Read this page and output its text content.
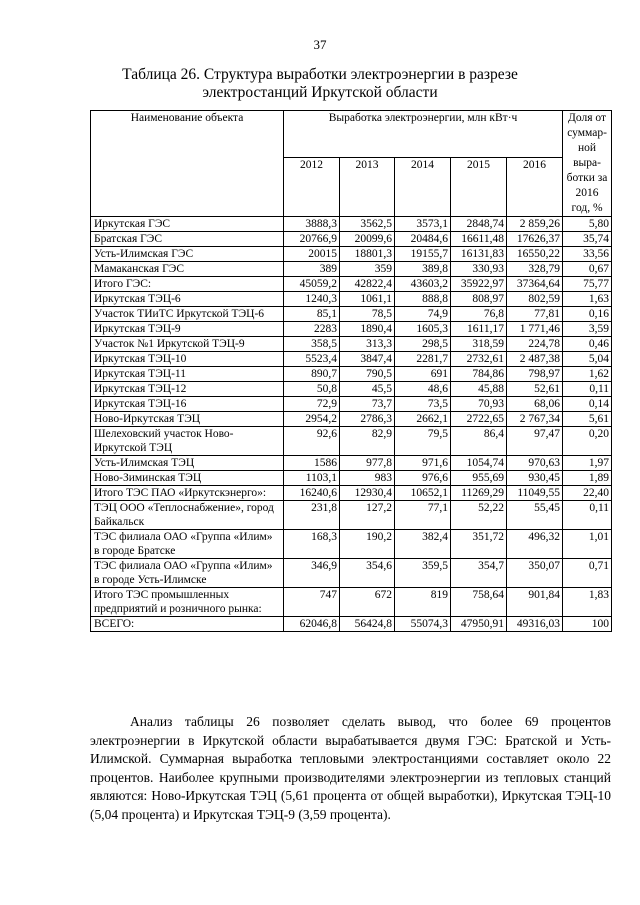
37
Таблица 26. Структура выработки электроэнергии в разрезе
электростанций Иркутской области
Наименование объекта	Выработка электроэнергии, млн кВт·ч					Доля от суммар-ной выра-ботки за 2016 год, %
	2012	2013	2014	2015	2016	
Иркутская ГЭС	3888,3	3562,5	3573,1	2848,74	2 859,26	5,80
Братская ГЭС	20766,9	20099,6	20484,6	16611,48	17626,37	35,74
Усть-Илимская ГЭС	20015	18801,3	19155,7	16131,83	16550,22	33,56
Мамаканская ГЭС	389	359	389,8	330,93	328,79	0,67
Итого ГЭС:	45059,2	42822,4	43603,2	35922,97	37364,64	75,77
Иркутская ТЭЦ-6	1240,3	1061,1	888,8	808,97	802,59	1,63
Участок ТИиТС Иркутской ТЭЦ-6	85,1	78,5	74,9	76,8	77,81	0,16
Иркутская ТЭЦ-9	2283	1890,4	1605,3	1611,17	1 771,46	3,59
Участок №1 Иркутской ТЭЦ-9	358,5	313,3	298,5	318,59	224,78	0,46
Иркутская ТЭЦ-10	5523,4	3847,4	2281,7	2732,61	2 487,38	5,04
Иркутская ТЭЦ-11	890,7	790,5	691	784,86	798,97	1,62
Иркутская ТЭЦ-12	50,8	45,5	48,6	45,88	52,61	0,11
Иркутская ТЭЦ-16	72,9	73,7	73,5	70,93	68,06	0,14
Ново-Иркутская ТЭЦ	2954,2	2786,3	2662,1	2722,65	2 767,34	5,61
Шелеховский участок Ново-Иркутской ТЭЦ	92,6	82,9	79,5	86,4	97,47	0,20
Усть-Илимская ТЭЦ	1586	977,8	971,6	1054,74	970,63	1,97
Ново-Зиминская ТЭЦ	1103,1	983	976,6	955,69	930,45	1,89
Итого ТЭС ПАО «Иркутскэнерго»:	16240,6	12930,4	10652,1	11269,29	11049,55	22,40
ТЭЦ ООО «Теплоснабжение», город Байкальск	231,8	127,2	77,1	52,22	55,45	0,11
ТЭС филиала ОАО «Группа «Илим» в городе Братске	168,3	190,2	382,4	351,72	496,32	1,01
ТЭС филиала ОАО «Группа «Илим» в городе Усть-Илимске	346,9	354,6	359,5	354,7	350,07	0,71
Итого ТЭС промышленных предприятий и розничного рынка:	747	672	819	758,64	901,84	1,83
ВСЕГО:	62046,8	56424,8	55074,3	47950,91	49316,03	100
Анализ таблицы 26 позволяет сделать вывод, что более 69 процентов электроэнергии в Иркутской области вырабатывается двумя ГЭС: Братской и Усть-Илимской. Суммарная выработка тепловыми электростанциями составляет около 22 процентов. Наиболее крупными производителями электроэнергии из тепловых станций являются: Ново-Иркутская ТЭЦ (5,61 процента от общей выработки), Иркутская ТЭЦ-10 (5,04 процента) и Иркутская ТЭЦ-9 (3,59 процента).
